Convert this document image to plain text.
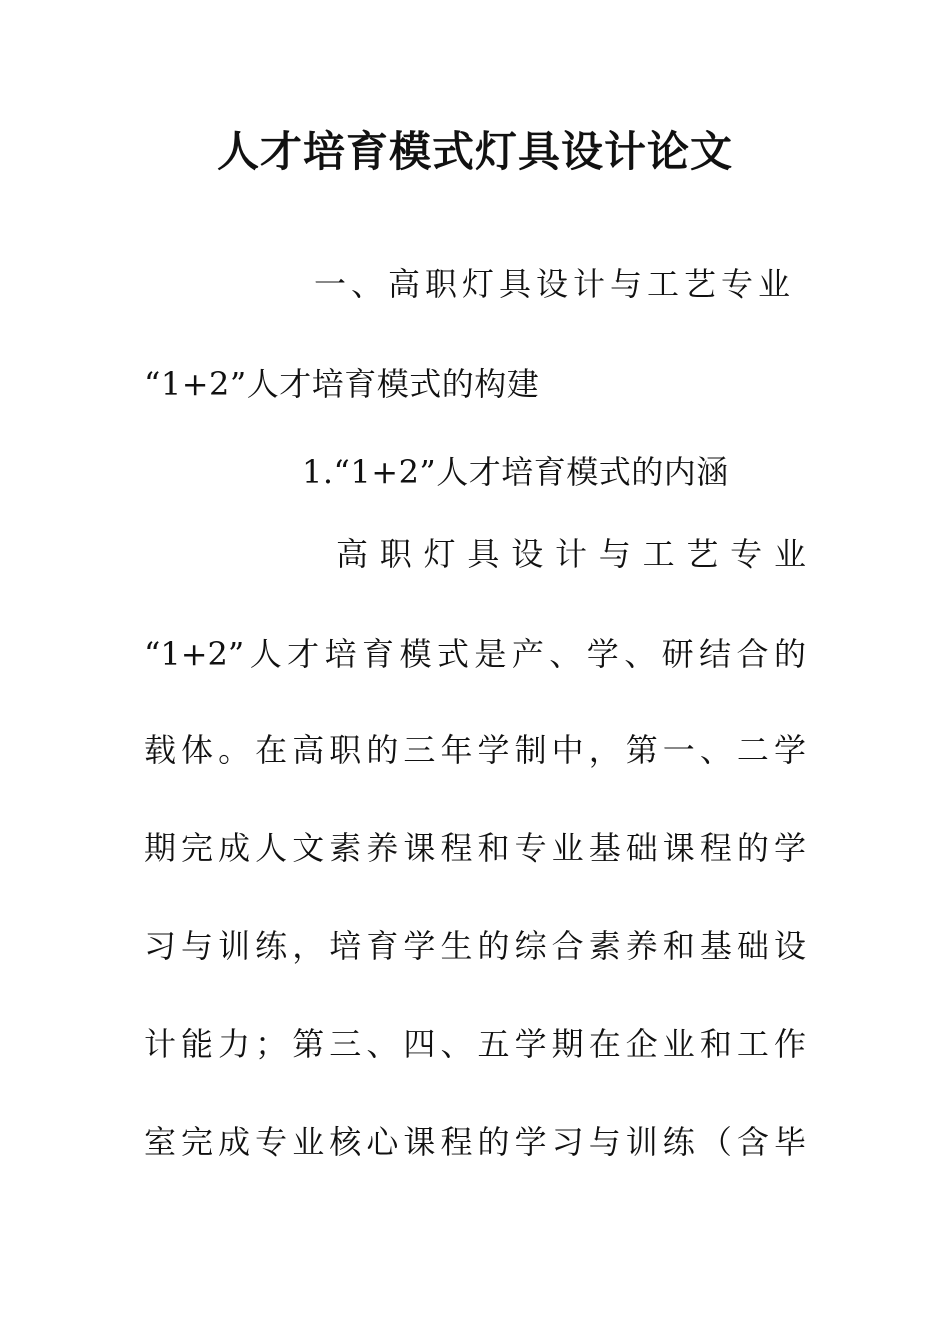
人才培育模式灯具设计论文
一、高职灯具设计与工艺专业
“1+2”人才培育模式的构建
1.“1+2”人才培育模式的内涵
高 职 灯 具 设 计 与 工 艺 专 业
“1+2”人才培育模式是产、学、研结合的
载体。在高职的三年学制中，第一、二学
期完成人文素养课程和专业基础课程的学
习与训练，培育学生的综合素养和基础设
计能力；第三、四、五学期在企业和工作
室完成专业核心课程的学习与训练（含毕
